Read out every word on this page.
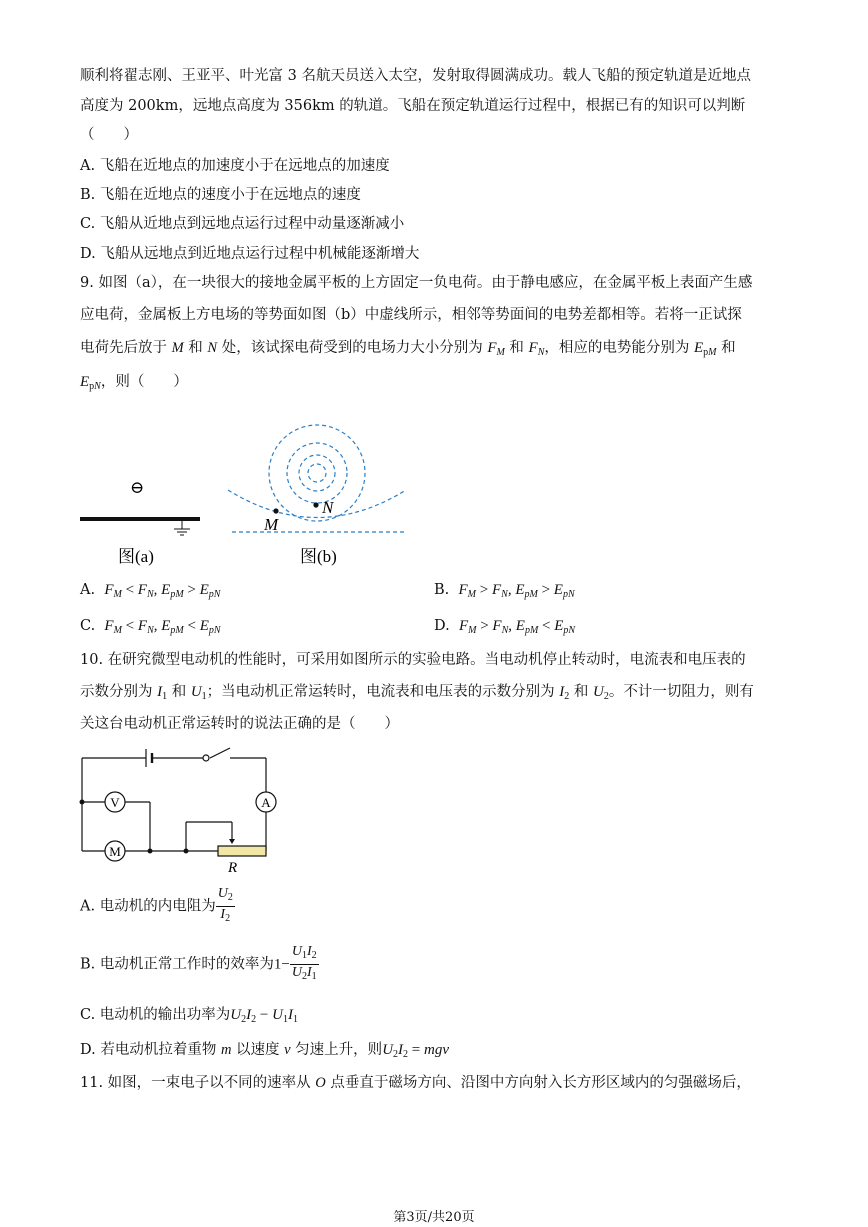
顺利将翟志刚、王亚平、叶光富 3 名航天员送入太空，发射取得圆满成功。载人飞船的预定轨道是近地点
高度为 200km，远地点高度为 356km 的轨道。飞船在预定轨道运行过程中，根据已有的知识可以判断
（　　）
A. 飞船在近地点的加速度小于在远地点的加速度
B. 飞船在近地点的速度小于在远地点的速度
C. 飞船从近地点到远地点运行过程中动量逐渐减小
D. 飞船从远地点到近地点运行过程中机械能逐渐增大
9. 如图（a），在一块很大的接地金属平板的上方固定一负电荷。由于静电感应，在金属平板上表面产生感
应电荷，金属板上方电场的等势面如图（b）中虚线所示，相邻等势面间的电势差都相等。若将一正试探
电荷先后放于 M 和 N 处，该试探电荷受到的电场力大小分别为 $F_M$ 和 $F_N$，相应的电势能分别为 $E_{pM}$ 和
$E_{pN}$，则（　　）
⊖
图(a)
M
N
图(b)
A.  $F_M < F_N$, $E_{pM} > E_{pN}$	B.  $F_M > F_N$, $E_{pM} > E_{pN}$
C.  $F_M < F_N$, $E_{pM} < E_{pN}$	D.  $F_M > F_N$, $E_{pM} < E_{pN}$
10. 在研究微型电动机的性能时，可采用如图所示的实验电路。当电动机停止转动时，电流表和电压表的
示数分别为 $I_1$ 和 $U_1$；当电动机正常运转时，电流表和电压表的示数分别为 $I_2$ 和 $U_2$。不计一切阻力，则有
关这台电动机正常运转时的说法正确的是（　　）
V	A
M
R
A. 电动机的内电阻为 $\frac{U_2}{I_2}$
B. 电动机正常工作时的效率为$1- \frac{U_1I_2}{U_2I_1}$
C. 电动机的输出功率为$U_2I_2 - U_1I_1$
D. 若电动机拉着重物 m 以速度 v 匀速上升，则$U_2I_2$ = mgv
11. 如图，一束电子以不同的速率从 O 点垂直于磁场方向、沿图中方向射入长方形区域内的匀强磁场后，
第3页/共20页
